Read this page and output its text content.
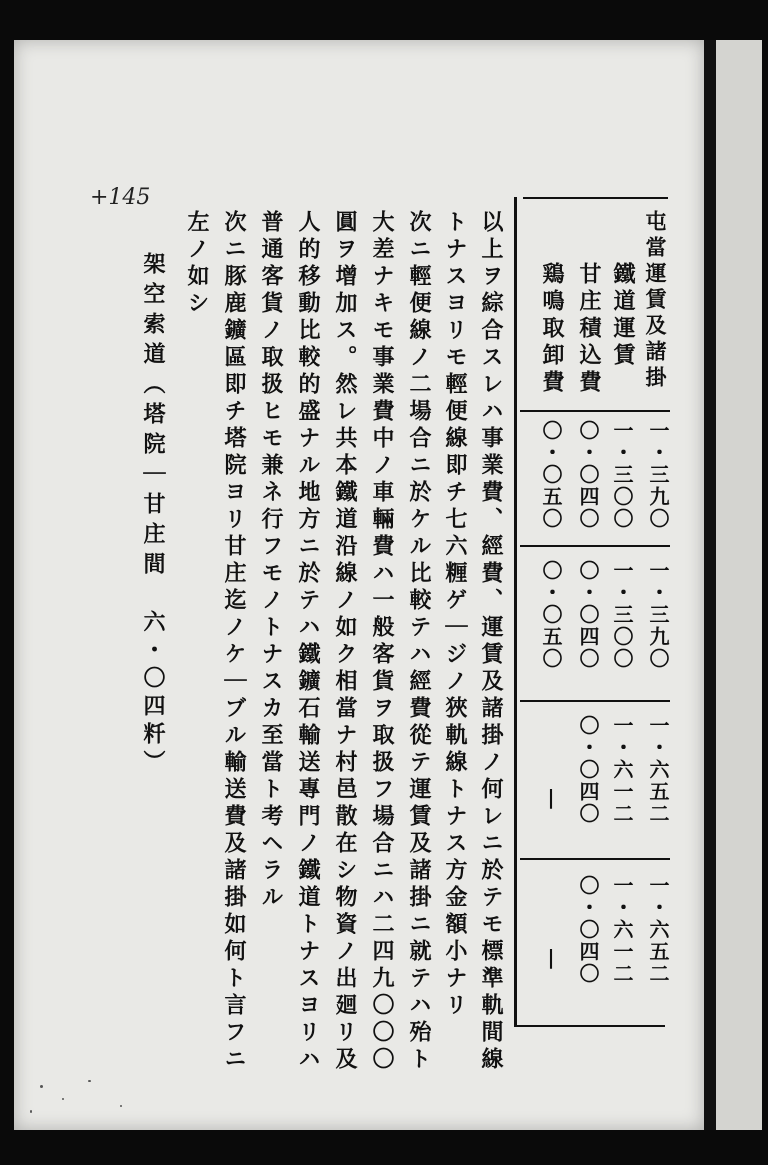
+145
屯當運賃及諸掛
鐵道運賃
甘庄積込費
鶏鳴取卸費
一・三九〇
一・三〇〇
〇・〇四〇
〇・〇五〇
一・三九〇
一・三〇〇
〇・〇四〇
〇・〇五〇
一・六五二
一・六一二
〇・〇四〇
|
一・六五二
一・六一二
〇・〇四〇
|
以上ヲ綜合スレハ事業費、經費、運賃及諸掛ノ何レニ於テモ標準軌間線
トナスヨリモ輕便線即チ七六糎ゲ｜ジノ狹軌線トナス方金額小ナリ
次ニ輕便線ノ二場合ニ於ケル比較テハ經費從テ運賃及諸掛ニ就テハ殆ト
大差ナキモ事業費中ノ車輛費ハ一般客貨ヲ取扱フ場合ニハ二四九〇〇〇
圓ヲ增加ス。然レ共本鐵道沿線ノ如ク相當ナ村邑散在シ物資ノ出廻リ及
人的移動比較的盛ナル地方ニ於テハ鐵鑛石輸送專門ノ鐵道トナスヨリハ
普通客貨ノ取扱ヒモ兼ネ行フモノトナスカ至當ト考ヘラル
次ニ豚鹿鑛區即チ塔院ヨリ甘庄迄ノケ｜ブル輸送費及諸掛如何ト言フニ
左ノ如シ
架空索道（塔院｜甘庄間
六・〇四粁）
